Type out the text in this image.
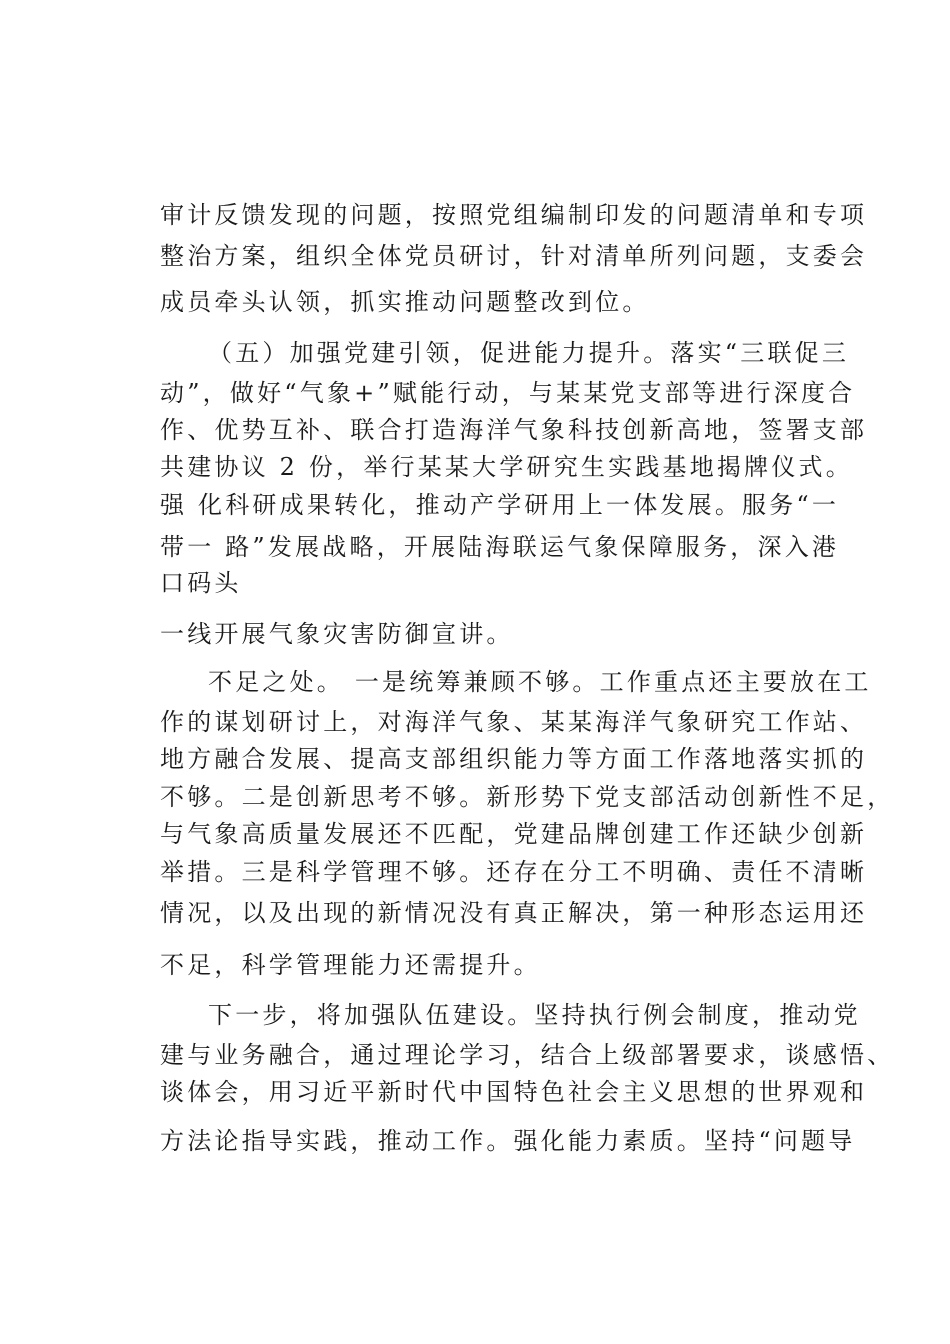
审计反馈发现的问题，按照党组编制印发的问题清单和专项
整治方案，组织全体党员研讨，针对清单所列问题，支委会
成员牵头认领，抓实推动问题整改到位。
（五）加强党建引领，促进能力提升。落实“三联促三
动”，做好“气象+”赋能行动，与某某党支部等进行深度合
作、优势互补、联合打造海洋气象科技创新高地，签署支部
共建协议 2 份，举行某某大学研究生实践基地揭牌仪式。
强 化科研成果转化，推动产学研用上一体发展。服务“一
带一 路”发展战略，开展陆海联运气象保障服务，深入港
口码头
一线开展气象灾害防御宣讲。
不足之处。 一是统筹兼顾不够。工作重点还主要放在工
作的谋划研讨上，对海洋气象、某某海洋气象研究工作站、
地方融合发展、提高支部组织能力等方面工作落地落实抓的
不够。二是创新思考不够。新形势下党支部活动创新性不足，
与气象高质量发展还不匹配，党建品牌创建工作还缺少创新
举措。三是科学管理不够。还存在分工不明确、责任不清晰
情况，以及出现的新情况没有真正解决，第一种形态运用还
不足，科学管理能力还需提升。
下一步，将加强队伍建设。坚持执行例会制度，推动党
建与业务融合，通过理论学习，结合上级部署要求，谈感悟、
谈体会，用习近平新时代中国特色社会主义思想的世界观和
方法论指导实践，推动工作。强化能力素质。坚持“问题导
